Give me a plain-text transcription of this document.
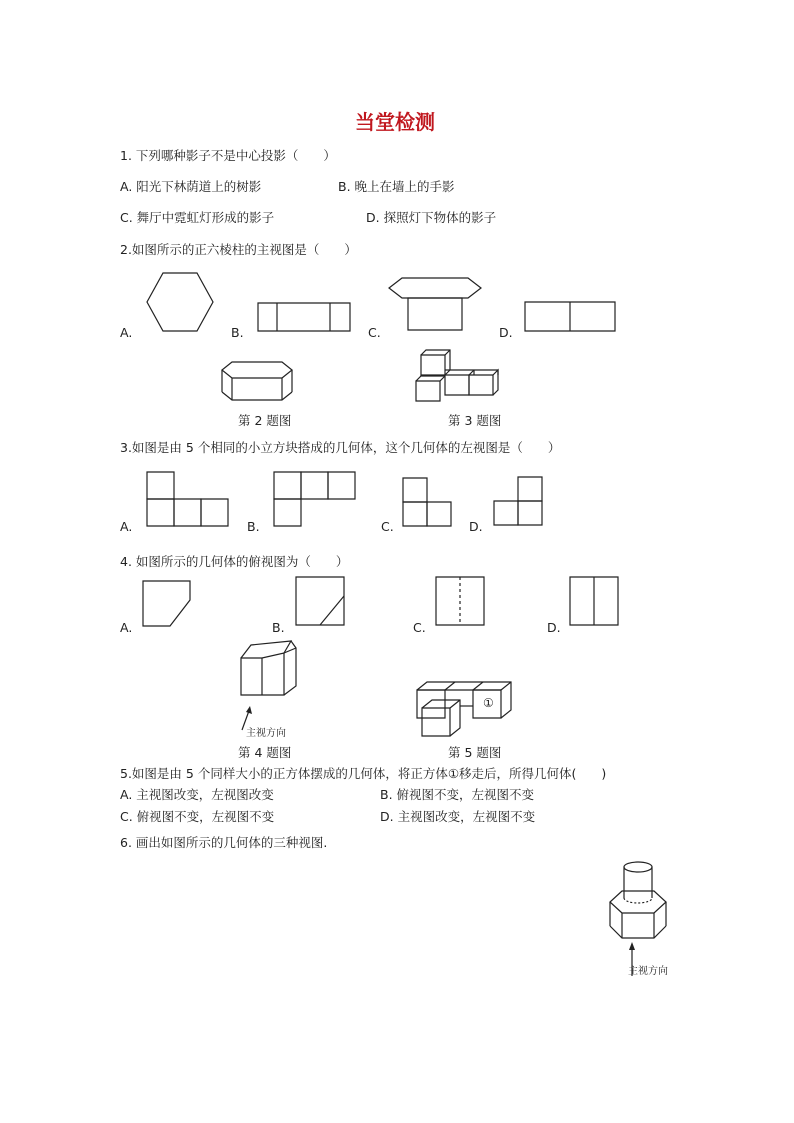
当堂检测
1. 下列哪种影子不是中心投影（　　）
A. 阳光下林荫道上的树影	B. 晚上在墙上的手影
C. 舞厅中霓虹灯形成的影子	D. 探照灯下物体的影子
2.如图所示的正六棱柱的主视图是（　　）
A.	B.	C.	D.
第 2 题图	第 3 题图
3.如图是由 5 个相同的小立方块搭成的几何体，这个几何体的左视图是（　　）
A.	B.	C.	D.
4. 如图所示的几何体的俯视图为（　　）
A.	B.	C.	D.
主视方向
第 4 题图
①
第 5 题图
5.如图是由 5 个同样大小的正方体摆成的几何体，将正方体①移走后，所得几何体(　　)
A. 主视图改变，左视图改变	B. 俯视图不变，左视图不变
C. 俯视图不变，左视图不变	D. 主视图改变，左视图不变
6. 画出如图所示的几何体的三种视图.
主视方向
